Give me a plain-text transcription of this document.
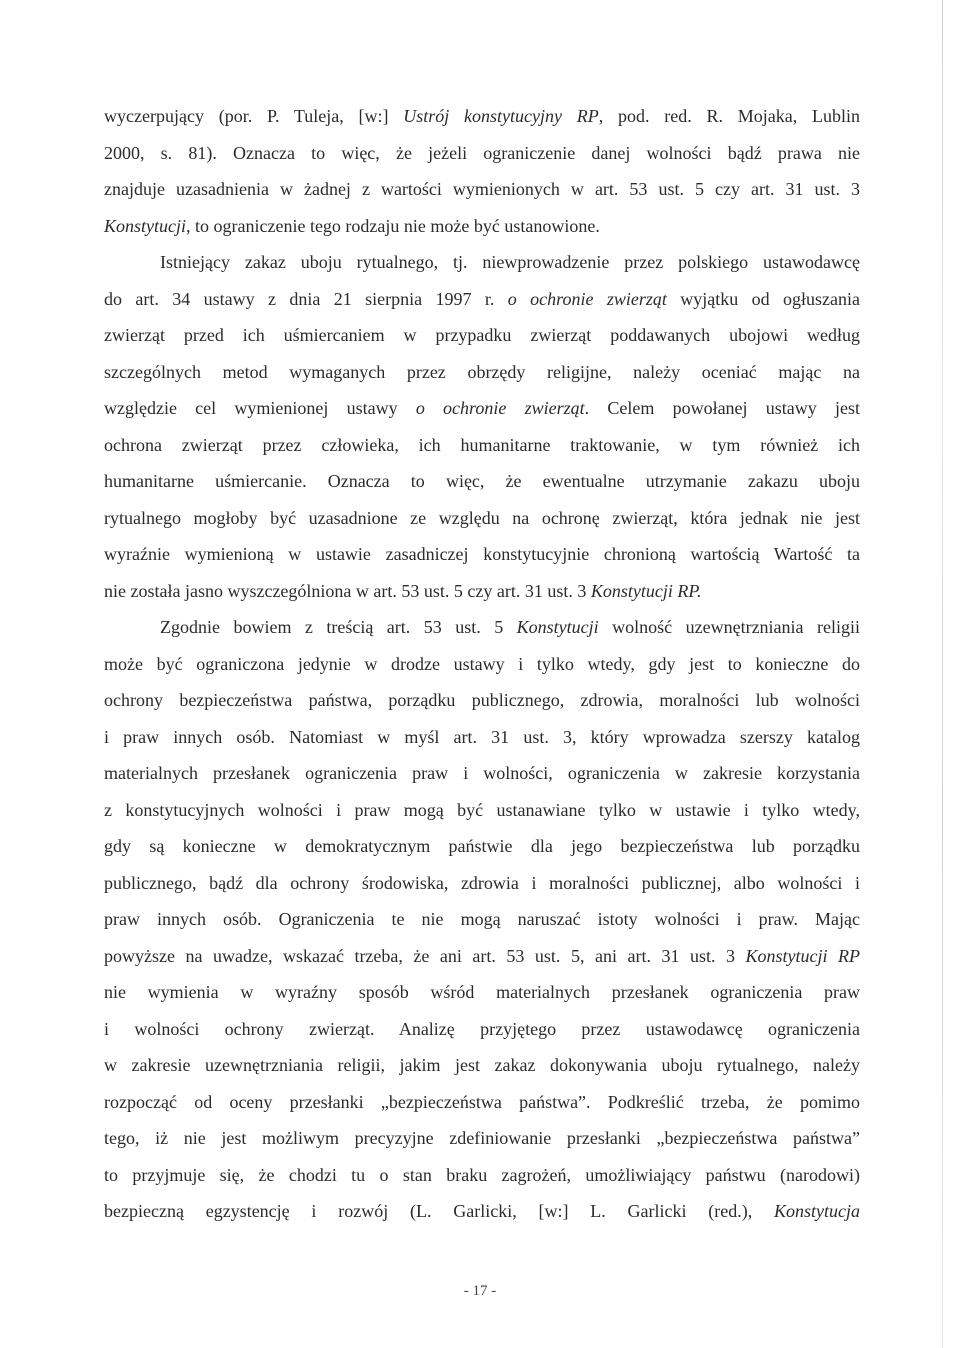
wyczerpujący (por. P. Tuleja, [w:] Ustrój konstytucyjny RP, pod. red. R. Mojaka, Lublin
2000, s. 81). Oznacza to więc, że jeżeli ograniczenie danej wolności bądź prawa nie
znajduje uzasadnienia w żadnej z wartości wymienionych w art. 53 ust. 5 czy art. 31 ust. 3
Konstytucji, to ograniczenie tego rodzaju nie może być ustanowione.
Istniejący zakaz uboju rytualnego, tj. niewprowadzenie przez polskiego ustawodawcę
do art. 34 ustawy z dnia 21 sierpnia 1997 r. o ochronie zwierząt wyjątku od ogłuszania
zwierząt przed ich uśmiercaniem w przypadku zwierząt poddawanych ubojowi według
szczególnych metod wymaganych przez obrzędy religijne, należy oceniać mając na
względzie cel wymienionej ustawy o ochronie zwierząt. Celem powołanej ustawy jest
ochrona zwierząt przez człowieka, ich humanitarne traktowanie, w tym również ich
humanitarne uśmiercanie. Oznacza to więc, że ewentualne utrzymanie zakazu uboju
rytualnego mogłoby być uzasadnione ze względu na ochronę zwierząt, która jednak nie jest
wyraźnie wymienioną w ustawie zasadniczej konstytucyjnie chronioną wartością Wartość ta
nie została jasno wyszczególniona w art. 53 ust. 5 czy art. 31 ust. 3 Konstytucji RP.
Zgodnie bowiem z treścią art. 53 ust. 5 Konstytucji wolność uzewnętrzniania religii
może być ograniczona jedynie w drodze ustawy i tylko wtedy, gdy jest to konieczne do
ochrony bezpieczeństwa państwa, porządku publicznego, zdrowia, moralności lub wolności
i praw innych osób. Natomiast w myśl art. 31 ust. 3, który wprowadza szerszy katalog
materialnych przesłanek ograniczenia praw i wolności, ograniczenia w zakresie korzystania
z konstytucyjnych wolności i praw mogą być ustanawiane tylko w ustawie i tylko wtedy,
gdy są konieczne w demokratycznym państwie dla jego bezpieczeństwa lub porządku
publicznego, bądź dla ochrony środowiska, zdrowia i moralności publicznej, albo wolności i
praw innych osób. Ograniczenia te nie mogą naruszać istoty wolności i praw. Mając
powyższe na uwadze, wskazać trzeba, że ani art. 53 ust. 5, ani art. 31 ust. 3 Konstytucji RP
nie wymienia w wyraźny sposób wśród materialnych przesłanek ograniczenia praw
i wolności ochrony zwierząt. Analizę przyjętego przez ustawodawcę ograniczenia
w zakresie uzewnętrzniania religii, jakim jest zakaz dokonywania uboju rytualnego, należy
rozpocząć od oceny przesłanki „bezpieczeństwa państwa”. Podkreślić trzeba, że pomimo
tego, iż nie jest możliwym precyzyjne zdefiniowanie przesłanki „bezpieczeństwa państwa”
to przyjmuje się, że chodzi tu o stan braku zagrożeń, umożliwiający państwu (narodowi)
bezpieczną egzystencję i rozwój (L. Garlicki, [w:] L. Garlicki (red.), Konstytucja
- 17 -
